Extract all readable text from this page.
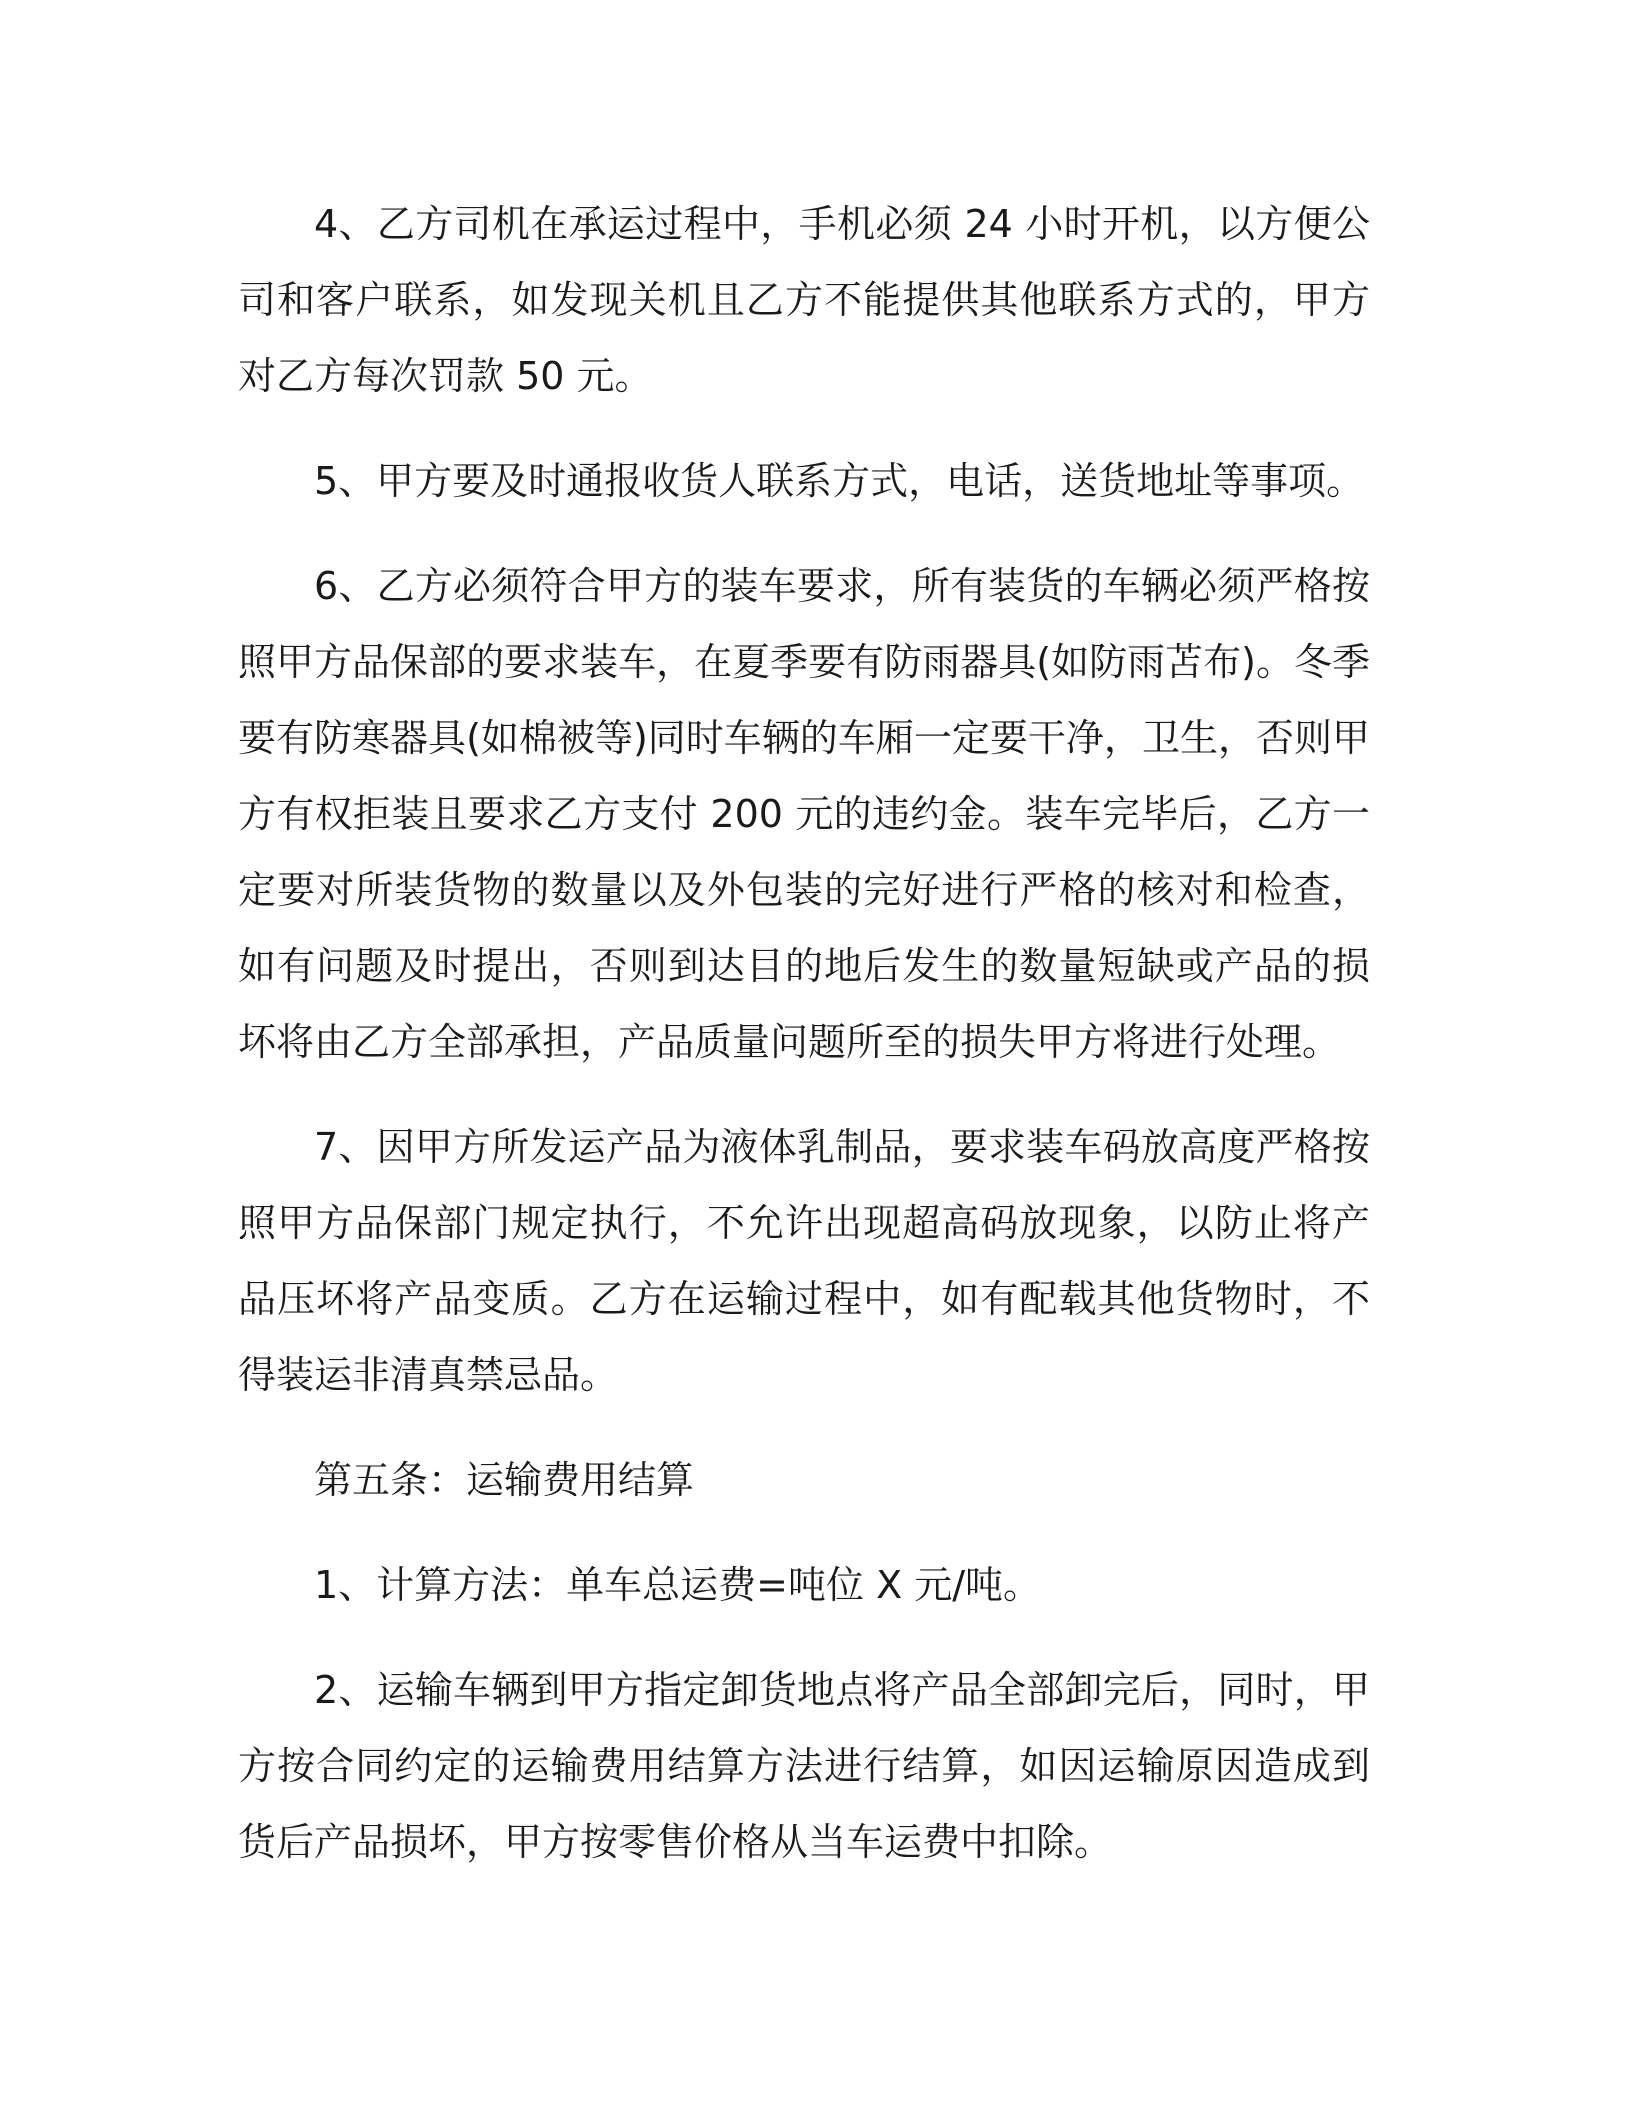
4、乙方司机在承运过程中，手机必须 24 小时开机，以方便公司和客户联系，如发现关机且乙方不能提供其他联系方式的，甲方对乙方每次罚款 50 元。

5、甲方要及时通报收货人联系方式，电话，送货地址等事项。

6、乙方必须符合甲方的装车要求，所有装货的车辆必须严格按照甲方品保部的要求装车，在夏季要有防雨器具(如防雨苫布)。冬季要有防寒器具(如棉被等)同时车辆的车厢一定要干净，卫生，否则甲方有权拒装且要求乙方支付 200 元的违约金。装车完毕后，乙方一定要对所装货物的数量以及外包装的完好进行严格的核对和检查，如有问题及时提出，否则到达目的地后发生的数量短缺或产品的损坏将由乙方全部承担，产品质量问题所至的损失甲方将进行处理。

7、因甲方所发运产品为液体乳制品，要求装车码放高度严格按照甲方品保部门规定执行，不允许出现超高码放现象，以防止将产品压坏将产品变质。乙方在运输过程中，如有配载其他货物时，不得装运非清真禁忌品。

第五条：运输费用结算

1、计算方法：单车总运费=吨位 X 元/吨。

2、运输车辆到甲方指定卸货地点将产品全部卸完后，同时，甲方按合同约定的运输费用结算方法进行结算，如因运输原因造成到货后产品损坏，甲方按零售价格从当车运费中扣除。
